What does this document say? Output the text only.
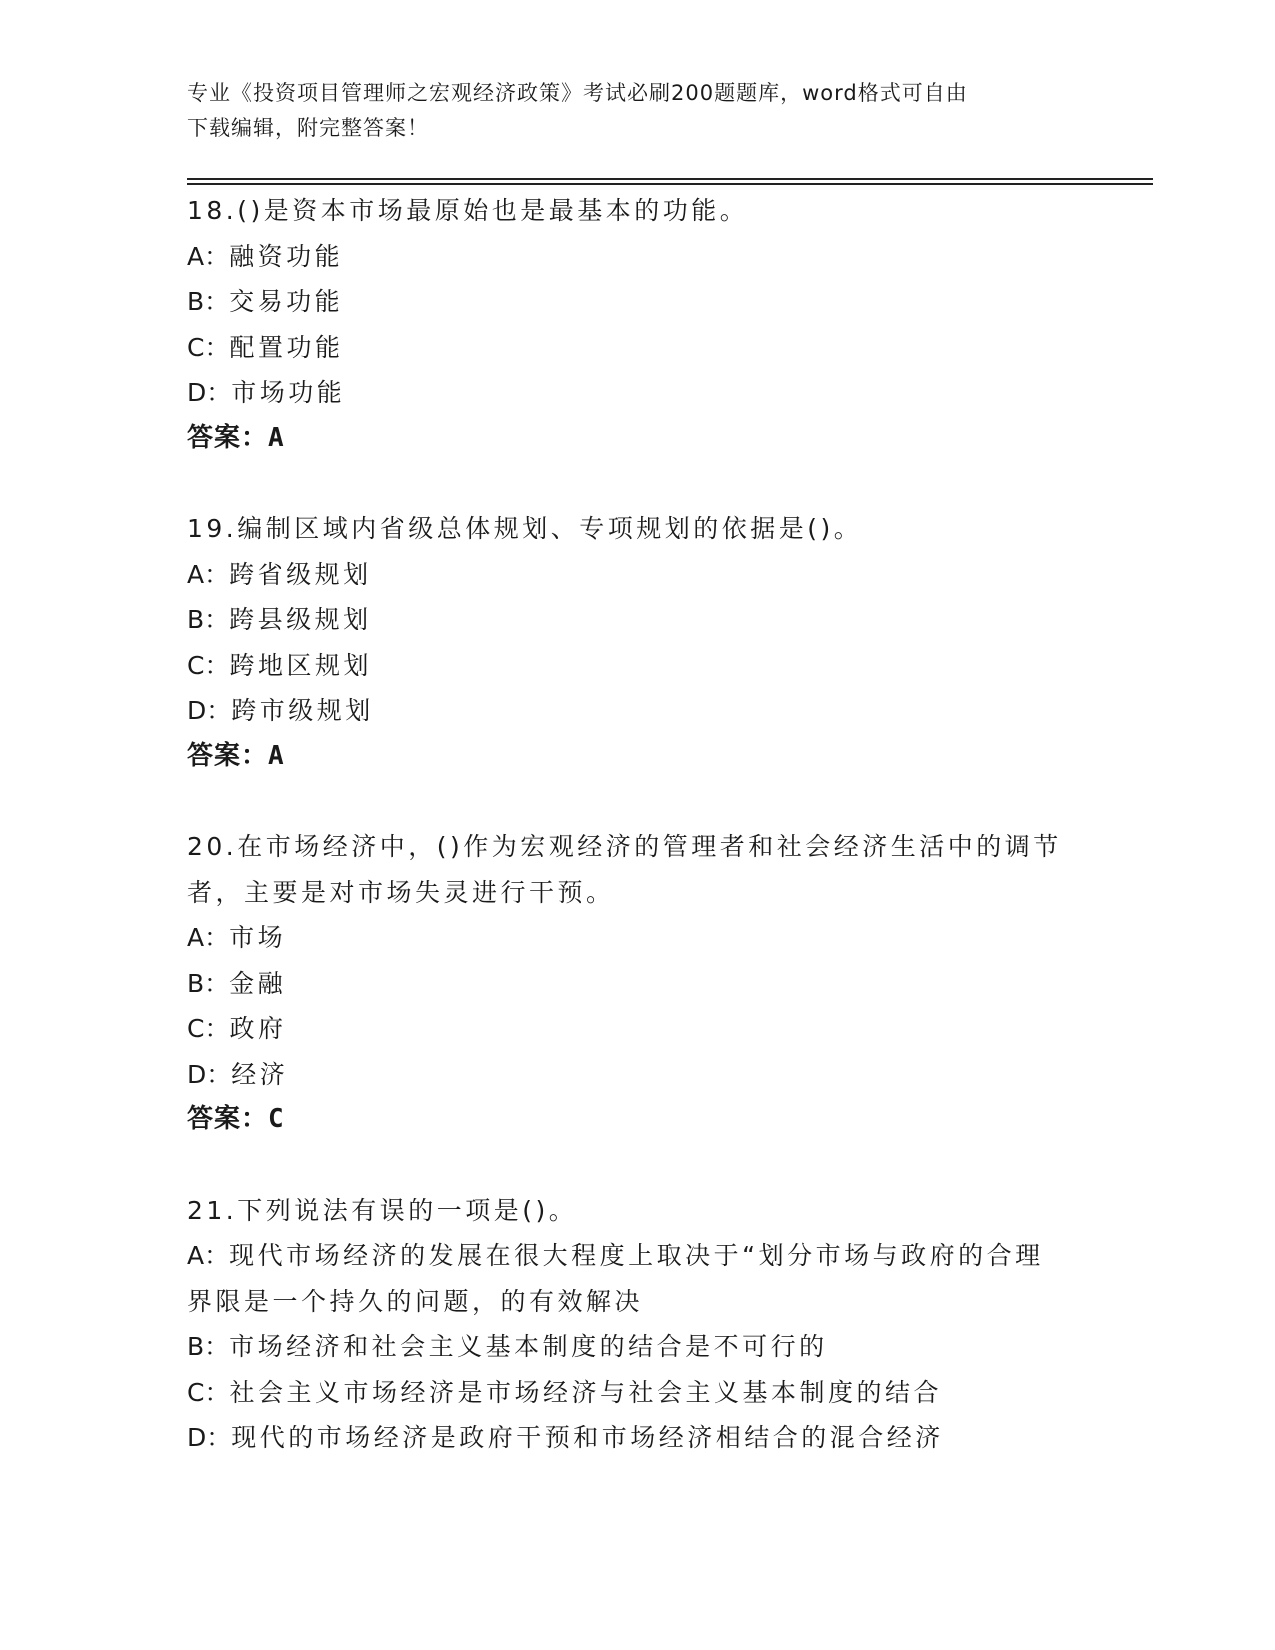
专业《投资项目管理师之宏观经济政策》考试必刷200题题库，word格式可自由
下载编辑，附完整答案！
18.()是资本市场最原始也是最基本的功能。
A：融资功能
B：交易功能
C：配置功能
D：市场功能
答案：A
19.编制区域内省级总体规划、专项规划的依据是()。
A：跨省级规划
B：跨县级规划
C：跨地区规划
D：跨市级规划
答案：A
20.在市场经济中，()作为宏观经济的管理者和社会经济生活中的调节
者，主要是对市场失灵进行干预。
A：市场
B：金融
C：政府
D：经济
答案：C
21.下列说法有误的一项是()。
A：现代市场经济的发展在很大程度上取决于“划分市场与政府的合理
界限是一个持久的问题，的有效解决
B：市场经济和社会主义基本制度的结合是不可行的
C：社会主义市场经济是市场经济与社会主义基本制度的结合
D：现代的市场经济是政府干预和市场经济相结合的混合经济
